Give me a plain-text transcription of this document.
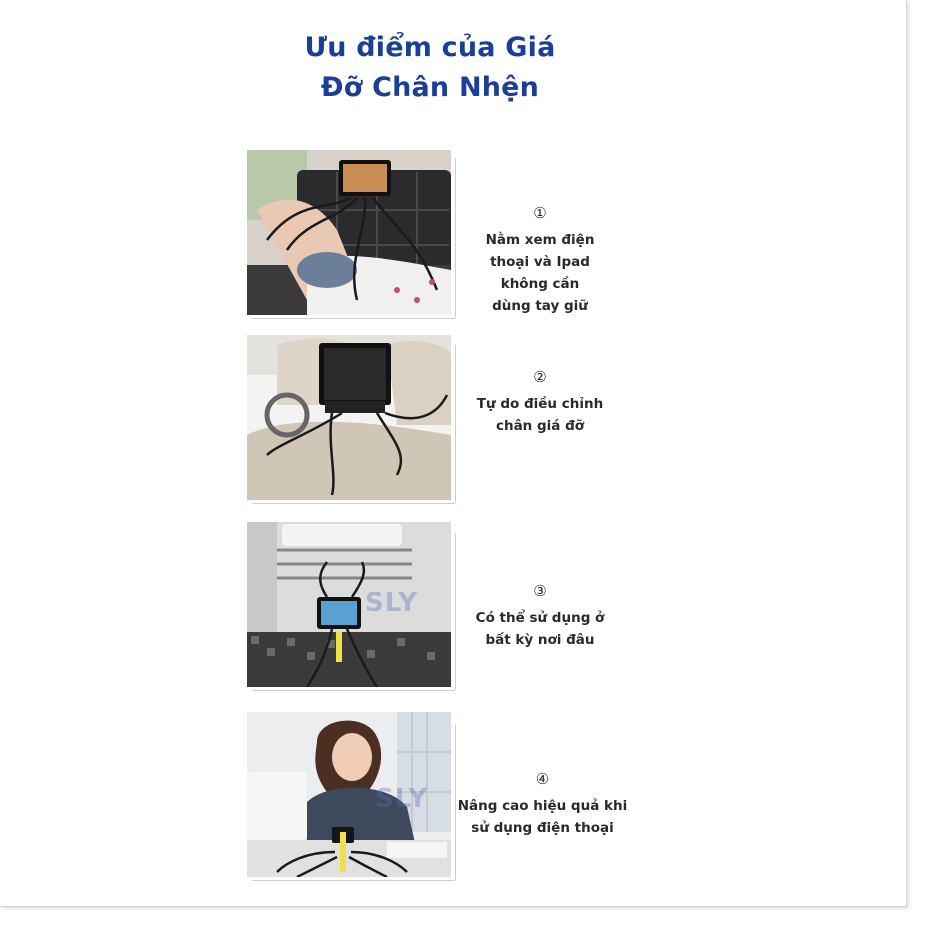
Ưu điểm của Giá
Đỡ Chân Nhện
①
Nằm xem điện
thoại và Ipad
không cần
dùng tay giữ
②
Tự do điều chỉnh
chân giá đỡ
SLY	③
Có thể sử dụng ở
bất kỳ nơi đâu
SLY
④
Nâng cao hiệu quả khi
sử dụng điện thoại
